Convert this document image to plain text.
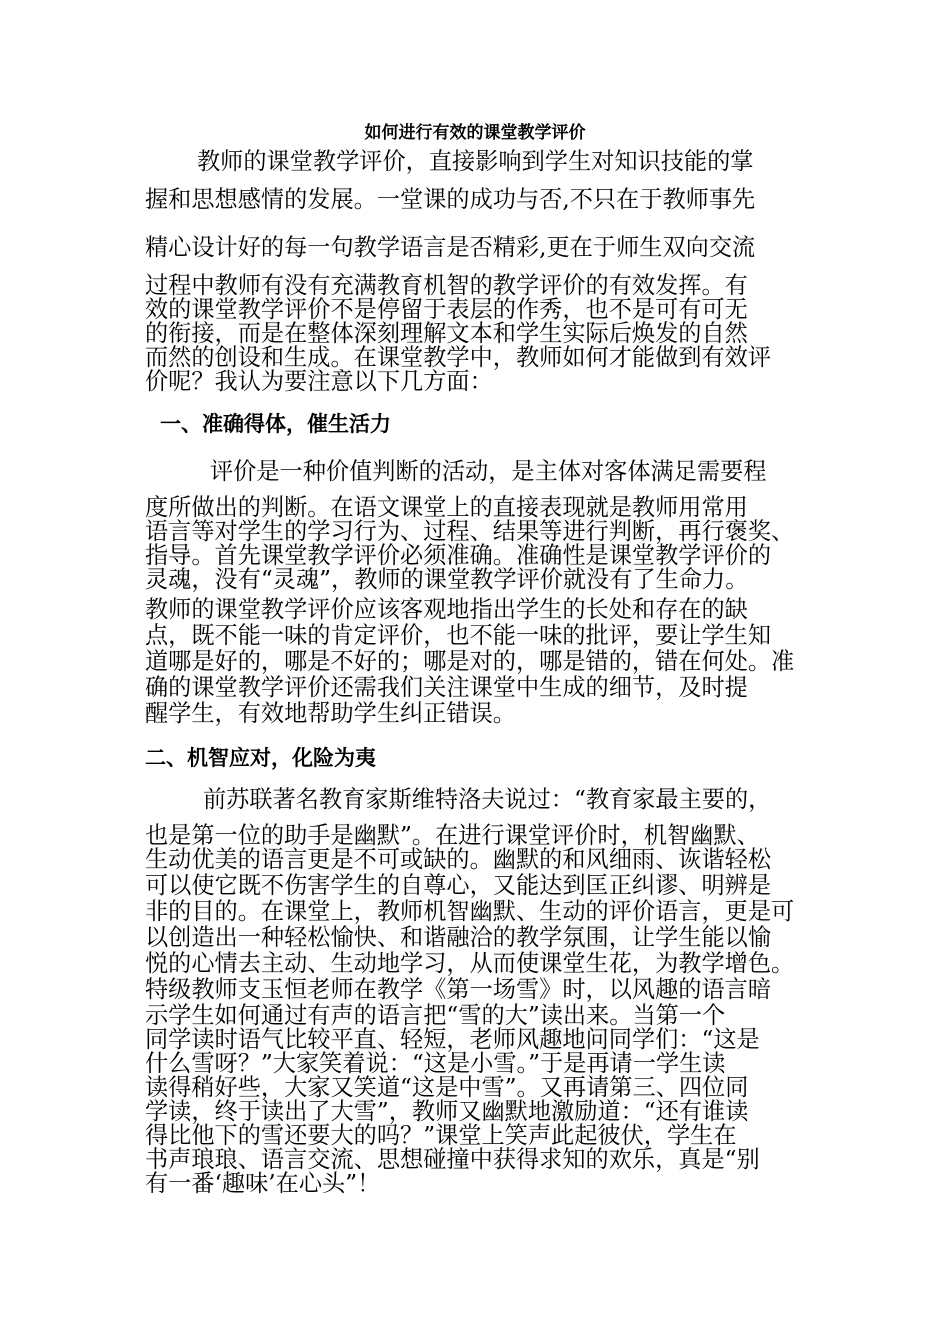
如何进行有效的课堂教学评价
教师的课堂教学评价，直接影响到学生对知识技能的掌
握和思想感情的发展。一堂课的成功与否,不只在于教师事先
精心设计好的每一句教学语言是否精彩,更在于师生双向交流
过程中教师有没有充满教育机智的教学评价的有效发挥。有
效的课堂教学评价不是停留于表层的作秀，也不是可有可无
的衔接，而是在整体深刻理解文本和学生实际后焕发的自然
而然的创设和生成。在课堂教学中，教师如何才能做到有效评
价呢？我认为要注意以下几方面：
一、准确得体，催生活力
评价是一种价值判断的活动，是主体对客体满足需要程
度所做出的判断。在语文课堂上的直接表现就是教师用常用
语言等对学生的学习行为、过程、结果等进行判断，再行褒奖、
指导。首先课堂教学评价必须准确。准确性是课堂教学评价的
灵魂，没有“灵魂”，教师的课堂教学评价就没有了生命力。
教师的课堂教学评价应该客观地指出学生的长处和存在的缺
点，既不能一味的肯定评价，也不能一味的批评，要让学生知
道哪是好的，哪是不好的；哪是对的，哪是错的，错在何处。准
确的课堂教学评价还需我们关注课堂中生成的细节，及时提
醒学生，有效地帮助学生纠正错误。
二、机智应对，化险为夷
前苏联著名教育家斯维特洛夫说过：“教育家最主要的，
也是第一位的助手是幽默”。在进行课堂评价时，机智幽默、
生动优美的语言更是不可或缺的。幽默的和风细雨、诙谐轻松
可以使它既不伤害学生的自尊心，又能达到匡正纠谬、明辨是
非的目的。在课堂上，教师机智幽默、生动的评价语言，更是可
以创造出一种轻松愉快、和谐融洽的教学氛围，让学生能以愉
悦的心情去主动、生动地学习，从而使课堂生花，为教学增色。
特级教师支玉恒老师在教学《第一场雪》时，以风趣的语言暗
示学生如何通过有声的语言把“雪的大”读出来。当第一个
同学读时语气比较平直、轻短，老师风趣地问同学们：“这是
什么雪呀？”大家笑着说：“这是小雪。”于是再请一学生读
读得稍好些，大家又笑道“这是中雪”。又再请第三、四位同
学读，终于读出了大雪”，教师又幽默地激励道：“还有谁读
得比他下的雪还要大的吗？”课堂上笑声此起彼伏，学生在
书声琅琅、语言交流、思想碰撞中获得求知的欢乐，真是“别
有一番‘趣味’在心头”！
